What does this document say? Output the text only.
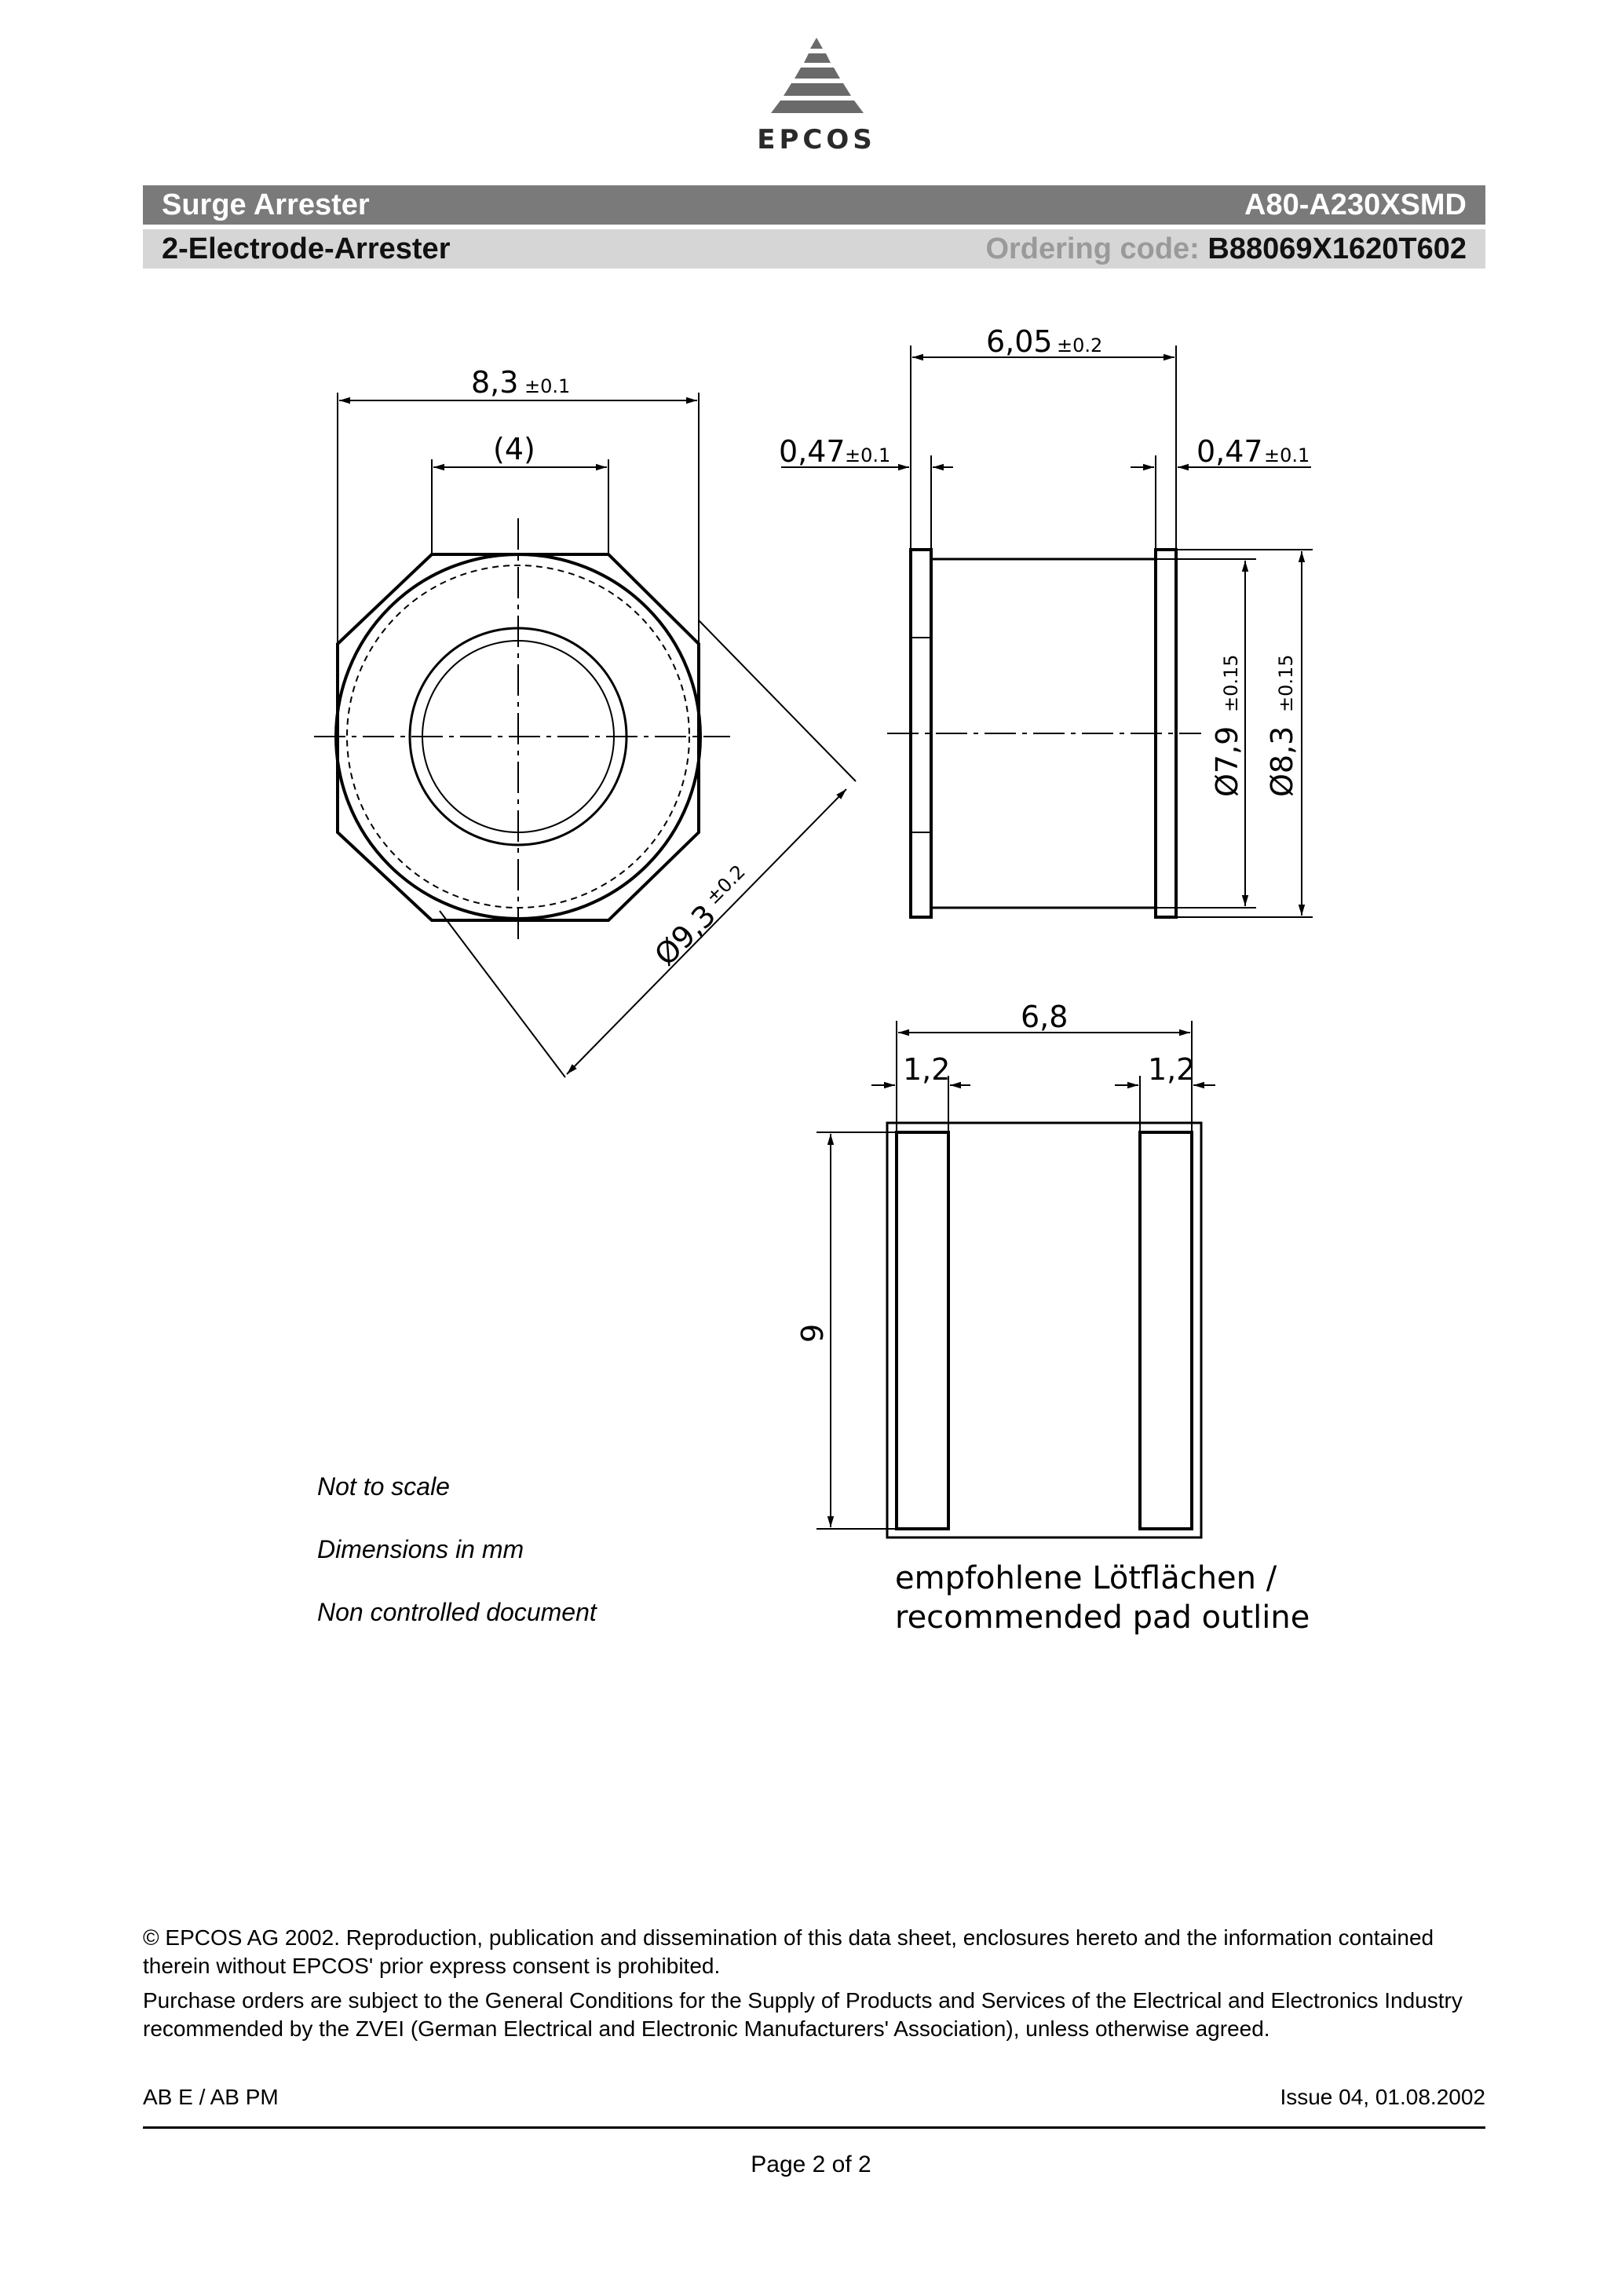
EPCOS
Surge Arrester	A80-A230XSMD
2-Electrode-Arrester	Ordering code: B88069X1620T602
8,3 ±0.1
(4)
Ø9,3
±0.2
6,05 ±0.2
0,47 ±0.1	0,47 ±0.1
Ø7,9
±0.15
Ø8,3
±0.15
6,8
1,2	1,2
9
empfohlene Lötflächen /
recommended pad outline
Not to scale
Dimensions in mm
Non controlled document
© EPCOS AG 2002. Reproduction, publication and dissemination of this data sheet, enclosures hereto and the information contained therein without EPCOS' prior express consent is prohibited.
Purchase orders are subject to the General Conditions for the Supply of Products and Services of the Electrical and Electronics Industry recommended by the ZVEI (German Electrical and Electronic Manufacturers' Association), unless otherwise agreed.
AB E / AB PM	Issue 04, 01.08.2002
Page 2 of 2
